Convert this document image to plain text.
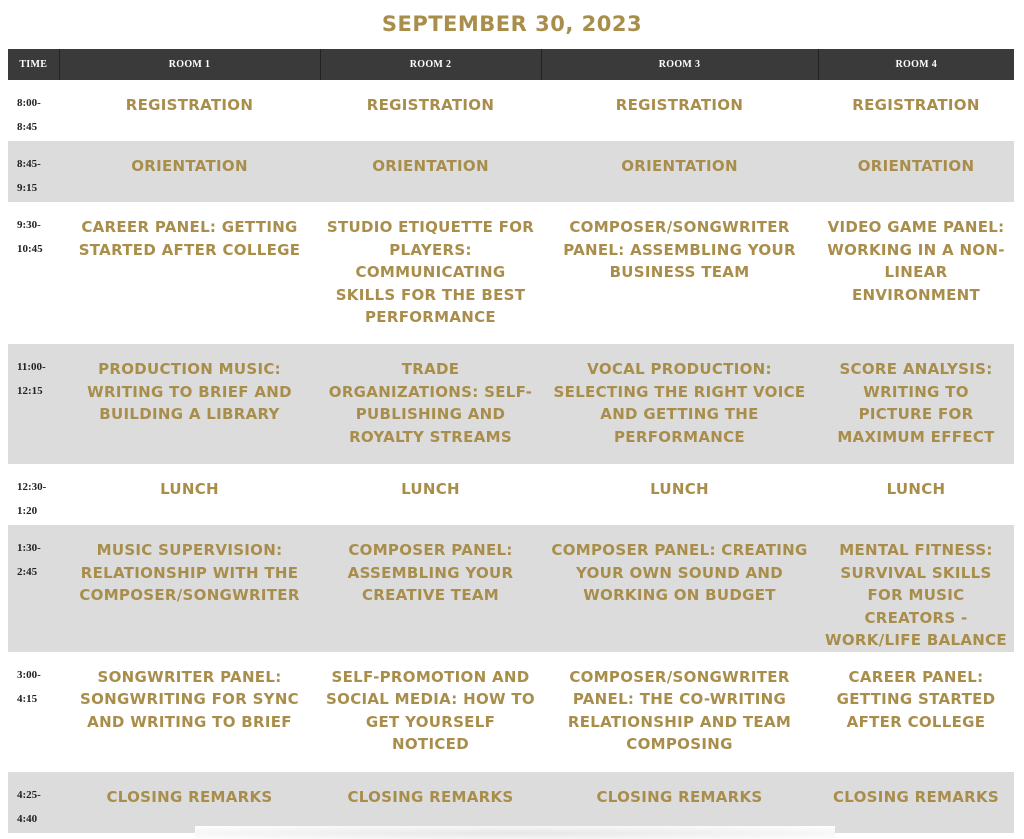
SEPTEMBER 30, 2023
TIME	ROOM 1	ROOM 2	ROOM 3	ROOM 4

8:00-
8:45	REGISTRATION	REGISTRATION	REGISTRATION	REGISTRATION

8:45-
9:15	ORIENTATION	ORIENTATION	ORIENTATION	ORIENTATION

9:30-
10:45	CAREER PANEL: GETTING STARTED AFTER COLLEGE	STUDIO ETIQUETTE FOR PLAYERS: COMMUNICATING SKILLS FOR THE BEST PERFORMANCE	COMPOSER/SONGWRITER PANEL: ASSEMBLING YOUR BUSINESS TEAM	VIDEO GAME PANEL: WORKING IN A NON-LINEAR ENVIRONMENT

11:00-
12:15	PRODUCTION MUSIC: WRITING TO BRIEF AND BUILDING A LIBRARY	TRADE ORGANIZATIONS: SELF-PUBLISHING AND ROYALTY STREAMS	VOCAL PRODUCTION: SELECTING THE RIGHT VOICE AND GETTING THE PERFORMANCE	SCORE ANALYSIS: WRITING TO PICTURE FOR MAXIMUM EFFECT

12:30-
1:20	LUNCH	LUNCH	LUNCH	LUNCH

1:30-
2:45	MUSIC SUPERVISION: RELATIONSHIP WITH THE COMPOSER/SONGWRITER	COMPOSER PANEL: ASSEMBLING YOUR CREATIVE TEAM	COMPOSER PANEL: CREATING YOUR OWN SOUND AND WORKING ON BUDGET	MENTAL FITNESS: SURVIVAL SKILLS FOR MUSIC CREATORS - WORK/LIFE BALANCE

3:00-
4:15	SONGWRITER PANEL: SONGWRITING FOR SYNC AND WRITING TO BRIEF	SELF-PROMOTION AND SOCIAL MEDIA: HOW TO GET YOURSELF NOTICED	COMPOSER/SONGWRITER PANEL: THE CO-WRITING RELATIONSHIP AND TEAM COMPOSING	CAREER PANEL: GETTING STARTED AFTER COLLEGE

4:25-
4:40	CLOSING REMARKS	CLOSING REMARKS	CLOSING REMARKS	CLOSING REMARKS
